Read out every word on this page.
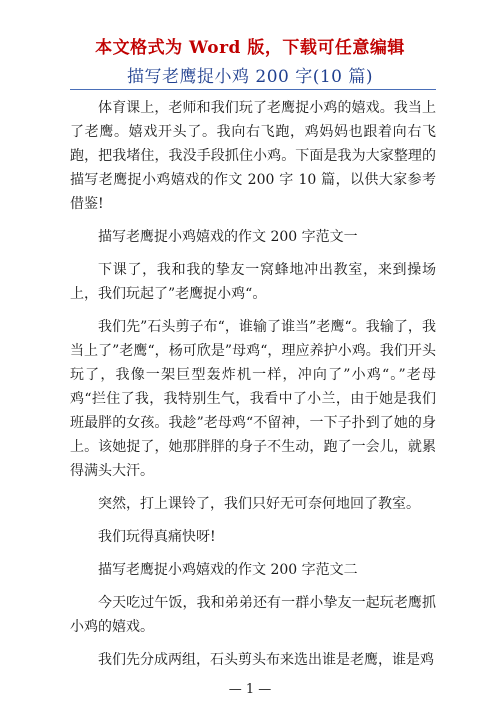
本文格式为 Word 版，下载可任意编辑
描写老鹰捉小鸡 200 字(10 篇)

体育课上，老师和我们玩了老鹰捉小鸡的嬉戏。我当上了老鹰。嬉戏开头了。我向右飞跑，鸡妈妈也跟着向右飞跑，把我堵住，我没手段抓住小鸡。下面是我为大家整理的描写老鹰捉小鸡嬉戏的作文 200 字 10 篇，以供大家参考借鉴!

描写老鹰捉小鸡嬉戏的作文 200 字范文一

下课了，我和我的挚友一窝蜂地冲出教室，来到操场上，我们玩起了”老鹰捉小鸡“。

我们先”石头剪子布“，谁输了谁当”老鹰“。我输了，我当上了”老鹰“，杨可欣是”母鸡“，理应养护小鸡。我们开头玩了，我像一架巨型轰炸机一样，冲向了”小鸡“。”老母鸡“拦住了我，我特别生气，我看中了小兰，由于她是我们班最胖的女孩。我趁”老母鸡“不留神，一下子扑到了她的身上。该她捉了，她那胖胖的身子不生动，跑了一会儿，就累得满头大汗。

突然，打上课铃了，我们只好无可奈何地回了教室。

我们玩得真痛快呀!

描写老鹰捉小鸡嬉戏的作文 200 字范文二

今天吃过午饭，我和弟弟还有一群小挚友一起玩老鹰抓小鸡的嬉戏。

我们先分成两组，石头剪头布来选出谁是老鹰，谁是鸡

— 1 —
